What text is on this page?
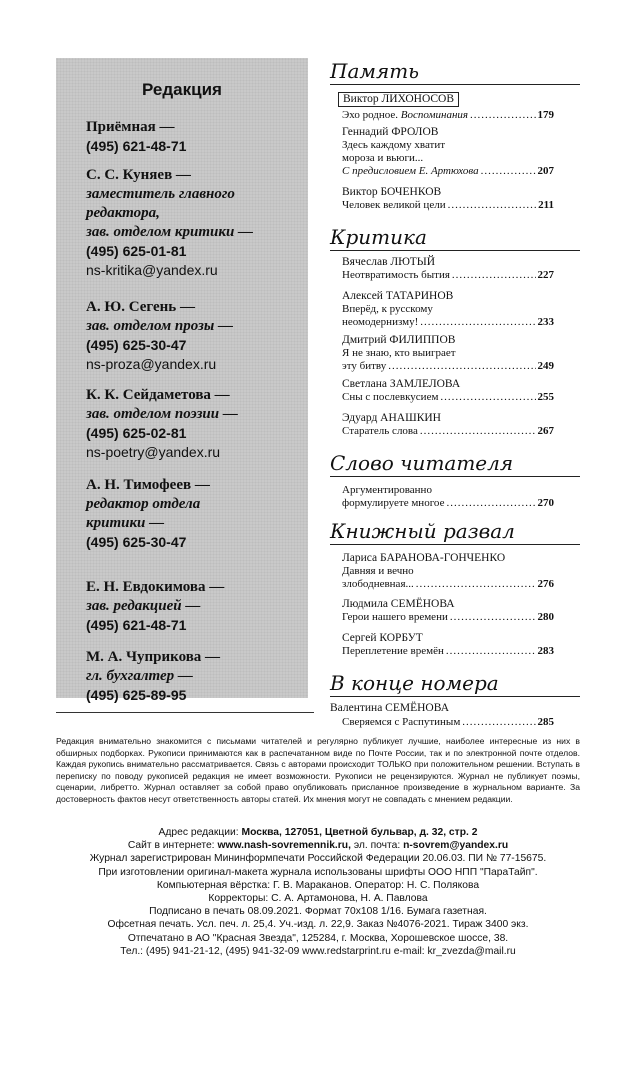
Редакция
Приёмная —
(495) 621-48-71
С. С. Куняев —
заместитель главного
редактора,
зав. отделом критики —
(495) 625-01-81
ns-kritika@yandex.ru
А. Ю. Сегень —
зав. отделом прозы —
(495) 625-30-47
ns-proza@yandex.ru
К. К. Сейдаметова —
зав. отделом поэзии —
(495) 625-02-81
ns-poetry@yandex.ru
А. Н. Тимофеев —
редактор отдела
критики —
(495) 625-30-47
Е. Н. Евдокимова —
зав. редакцией —
(495) 621-48-71
М. А. Чуприкова —
гл. бухгалтер —
(495) 625-89-95
Память
Виктор ЛИХОНОСОВ
Эхо родное. Воспоминания .....	179
Геннадий ФРОЛОВ
Здесь каждому хватит
мороза и вьюги...
С предисловием Е. Артюхова .....	207
Виктор БОЧЕНКОВ
Человек великой цели .....	211
Критика
Вячеслав ЛЮТЫЙ
Неотвратимость бытия .....	227
Алексей ТАТАРИНОВ
Вперёд, к русскому
неомодернизму! .....	233
Дмитрий ФИЛИППОВ
Я не знаю, кто выиграет
эту битву .....	249
Светлана ЗАМЛЕЛОВА
Сны с послевкусием .....	255
Эдуард АНАШКИН
Старатель слова .....	267
Слово читателя
Аргументированно
формулируете многое .....	270
Книжный развал
Лариса БАРАНОВА-ГОНЧЕНКО
Давняя и вечно
злободневная... .....	276
Людмила СЕМЁНОВА
Герои нашего времени .....	280
Сергей КОРБУТ
Переплетение времён .....	283
В конце номера
Валентина СЕМЁНОВА
Сверяемся с Распутиным .....	285
Редакция внимательно знакомится с письмами читателей и регулярно публикует лучшие, наиболее интересные из них в обширных подборках. Рукописи принимаются как в распечатанном виде по Почте России, так и по электронной почте отделов. Каждая рукопись внимательно рассматривается. Связь с авторами происходит ТОЛЬКО при положительном решении. Вступать в переписку по поводу рукописей редакция не имеет возможности. Рукописи не рецензируются. Журнал не публикует поэмы, сценарии, либретто. Журнал оставляет за собой право опубликовать присланное произведение в журнальном варианте. За достоверность фактов несут ответственность авторы статей. Их мнения могут не совпадать с мнением редакции.
Адрес редакции: Москва, 127051, Цветной бульвар, д. 32, стр. 2
Сайт в интернете: www.nash-sovremennik.ru, эл. почта: n-sovrem@yandex.ru
Журнал зарегистрирован Мининформпечати Российской Федерации 20.06.03. ПИ № 77-15675.
При изготовлении оригинал-макета журнала использованы шрифты ООО НПП "ПараТайп".
Компьютерная вёрстка: Г. В. Мараканов. Оператор: Н. С. Полякова
Корректоры: С. А. Артамонова, Н. А. Павлова
Подписано в печать 08.09.2021. Формат 70х108 1/16. Бумага газетная.
Офсетная печать. Усл. печ. л. 25,4. Уч.-изд. л. 22,9. Заказ №4076-2021. Тираж 3400 экз.
Отпечатано в АО "Красная Звезда", 125284, г. Москва, Хорошевское шоссе, 38.
Тел.: (495) 941-21-12, (495) 941-32-09 www.redstarprint.ru e-mail: kr_zvezda@mail.ru
